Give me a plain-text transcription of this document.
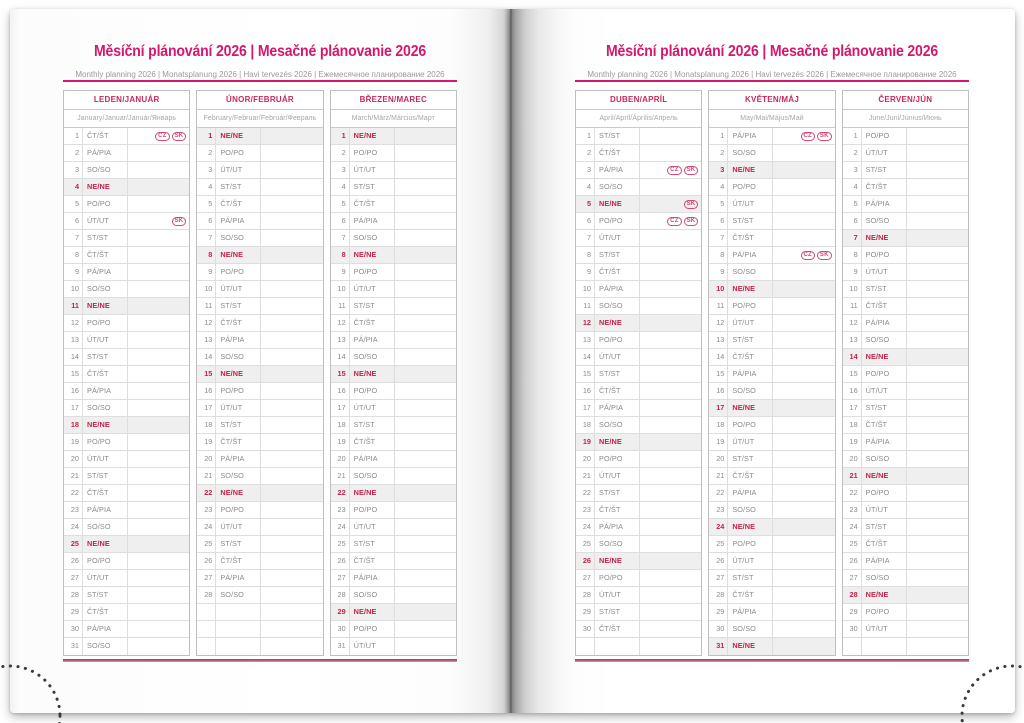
Měsíční plánování 2026 | Mesačné plánovanie 2026
Monthly planning 2026 | Monatsplanung 2026 | Havi tervezés 2026 | Ежемесячное планирование 2026
LEDEN/JANUÁR
January/Januar/Január/Январь
1	ČT/ŠT	CZ	SK
2	PÁ/PIA
3	SO/SO
4	NE/NE
5	PO/PO
6	ÚT/UT	SK
7	ST/ST
8	ČT/ŠT
9	PÁ/PIA
10	SO/SO
11	NE/NE
12	PO/PO
13	ÚT/UT
14	ST/ST
15	ČT/ŠT
16	PÁ/PIA
17	SO/SO
18	NE/NE
19	PO/PO
20	ÚT/UT
21	ST/ST
22	ČT/ŠT
23	PÁ/PIA
24	SO/SO
25	NE/NE
26	PO/PO
27	ÚT/UT
28	ST/ST
29	ČT/ŠT
30	PÁ/PIA
31	SO/SO
ÚNOR/FEBRUÁR
February/Februar/Február/Февраль
1	NE/NE
2	PO/PO
3	ÚT/UT
4	ST/ST
5	ČT/ŠT
6	PÁ/PIA
7	SO/SO
8	NE/NE
9	PO/PO
10	ÚT/UT
11	ST/ST
12	ČT/ŠT
13	PÁ/PIA
14	SO/SO
15	NE/NE
16	PO/PO
17	ÚT/UT
18	ST/ST
19	ČT/ŠT
20	PÁ/PIA
21	SO/SO
22	NE/NE
23	PO/PO
24	ÚT/UT
25	ST/ST
26	ČT/ŠT
27	PÁ/PIA
28	SO/SO
BŘEZEN/MAREC
March/März/Március/Март
1	NE/NE
2	PO/PO
3	ÚT/UT
4	ST/ST
5	ČT/ŠT
6	PÁ/PIA
7	SO/SO
8	NE/NE
9	PO/PO
10	ÚT/UT
11	ST/ST
12	ČT/ŠT
13	PÁ/PIA
14	SO/SO
15	NE/NE
16	PO/PO
17	ÚT/UT
18	ST/ST
19	ČT/ŠT
20	PÁ/PIA
21	SO/SO
22	NE/NE
23	PO/PO
24	ÚT/UT
25	ST/ST
26	ČT/ŠT
27	PÁ/PIA
28	SO/SO
29	NE/NE
30	PO/PO
31	ÚT/UT
Měsíční plánování 2026 | Mesačné plánovanie 2026
Monthly planning 2026 | Monatsplanung 2026 | Havi tervezés 2026 | Ежемесячное планирование 2026
DUBEN/APRÍL
April/Apríl/Április/Апрель
1	ST/ST
2	ČT/ŠT
3	PÁ/PIA	CZ	SK
4	SO/SO
5	NE/NE	SK
6	PO/PO	CZ	SK
7	ÚT/UT
8	ST/ST
9	ČT/ŠT
10	PÁ/PIA
11	SO/SO
12	NE/NE
13	PO/PO
14	ÚT/UT
15	ST/ST
16	ČT/ŠT
17	PÁ/PIA
18	SO/SO
19	NE/NE
20	PO/PO
21	ÚT/UT
22	ST/ST
23	ČT/ŠT
24	PÁ/PIA
25	SO/SO
26	NE/NE
27	PO/PO
28	ÚT/UT
29	ST/ST
30	ČT/ŠT
KVĚTEN/MÁJ
May/Mai/Május/Май
1	PÁ/PIA	CZ	SK
2	SO/SO
3	NE/NE
4	PO/PO
5	ÚT/UT
6	ST/ST
7	ČT/ŠT
8	PÁ/PIA	CZ	SK
9	SO/SO
10	NE/NE
11	PO/PO
12	ÚT/UT
13	ST/ST
14	ČT/ŠT
15	PÁ/PIA
16	SO/SO
17	NE/NE
18	PO/PO
19	ÚT/UT
20	ST/ST
21	ČT/ŠT
22	PÁ/PIA
23	SO/SO
24	NE/NE
25	PO/PO
26	ÚT/UT
27	ST/ST
28	ČT/ŠT
29	PÁ/PIA
30	SO/SO
31	NE/NE
ČERVEN/JÚN
June/Juni/Június/Июнь
1	PO/PO
2	ÚT/UT
3	ST/ST
4	ČT/ŠT
5	PÁ/PIA
6	SO/SO
7	NE/NE
8	PO/PO
9	ÚT/UT
10	ST/ST
11	ČT/ŠT
12	PÁ/PIA
13	SO/SO
14	NE/NE
15	PO/PO
16	ÚT/UT
17	ST/ST
18	ČT/ŠT
19	PÁ/PIA
20	SO/SO
21	NE/NE
22	PO/PO
23	ÚT/UT
24	ST/ST
25	ČT/ŠT
26	PÁ/PIA
27	SO/SO
28	NE/NE
29	PO/PO
30	ÚT/UT
